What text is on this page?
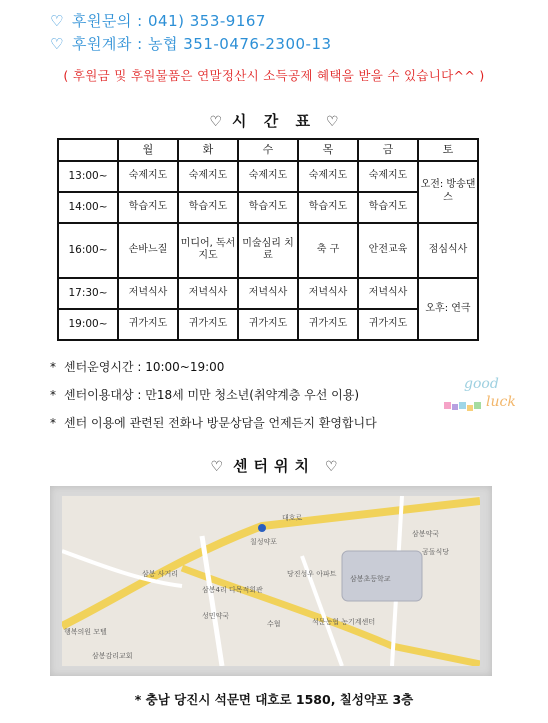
♡ 후원문의 : 041) 353-9167
♡ 후원계좌 : 농협 351-0476-2300-13
( 후원금 및 후원물품은 연말정산시 소득공제 혜택을 받을 수 있습니다^^ )
♡ 시 간 표 ♡
	월	화	수	목	금	토
13:00~	숙제지도	숙제지도	숙제지도	숙제지도	숙제지도	오전: 방송댄스
14:00~	학습지도	학습지도	학습지도	학습지도	학습지도	
16:00~	손바느질	미디어, 독서지도	미술심리 치료	축 구	안전교육	점심식사
17:30~	저녁식사	저녁식사	저녁식사	저녁식사	저녁식사	오후: 연극
19:00~	귀가지도	귀가지도	귀가지도	귀가지도	귀가지도	
* 센터운영시간 : 10:00~19:00
* 센터이용대상 : 만18세 미만 청소년(취약계층 우선 이용)
* 센터 이용에 관련된 전화나 방문상담을 언제든지 환영합니다
good
luck
♡ 센터위치 ♡
칠성약포
대호로
삼봉약국
곰돌식당
삼봉 사거리	당진성우 아파트
삼봉초등학교
삼봉4리 다목적회관
성민약국
수협	석문농협 농기계센터
행복의원 모텔
삼봉감리교회
* 충남 당진시 석문면 대호로 1580, 칠성약포 3층
